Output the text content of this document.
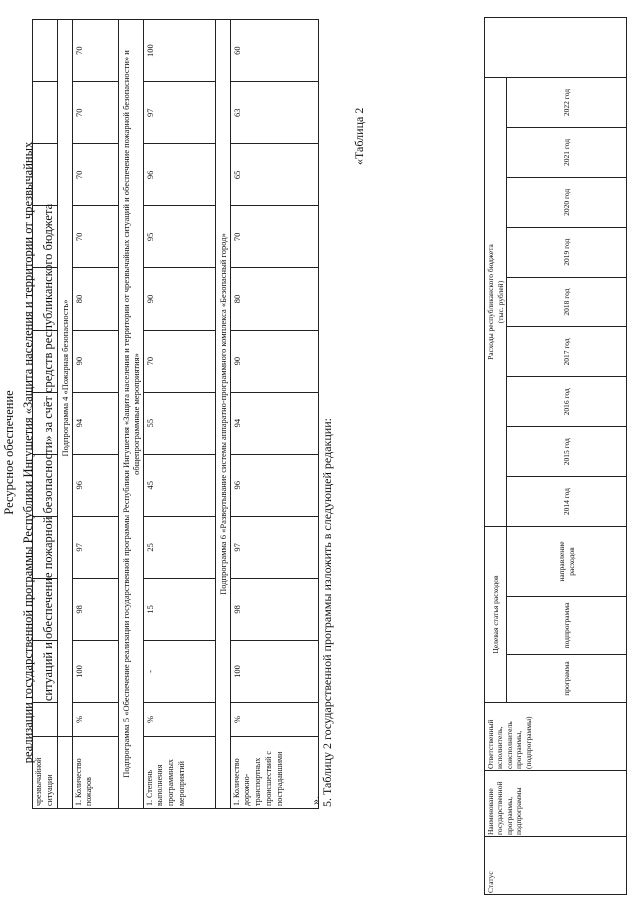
чрезвычайной ситуации												
	Подпрограмма 4 «Пожарная безопасность»											
1. Количество пожаров	%	100	98	97	96	94	90	80	70	70	70	70
Подпрограмма 5 «Обеспечение реализации государственной программы Республики Ингушетия «Защита населения и территории от чрезвычайных ситуаций и обеспечение пожарной безопасности» и общепрограммные мероприятия»												
1. Степень выполнения программных мероприятий	%	-	15	25	45	55	70	90	95	96	97	100
Подпрограмма 6 «Развертывание системы аппаратно-программного комплекса «Безопасный город»												
1. Количество дорожно-транспортных происшествий с пострадавшими	%	100	98	97	96	94	90	80	70	65	63	60
».
5. Таблицу 2 государственной программы изложить в следующей редакции:
«Таблица 2
Ресурсное обеспечение реализации государственной программы Республики Ингушетия «Защита населения и территории от чрезвычайных ситуаций и обеспечение пожарной безопасности» за счёт средств республиканского бюджета
Статус	Наименование государственной программы, подпрограммы	Ответственный исполнитель, соисполнитель программы, (подпрограммы)	Целевая статья расходов			Расходы республиканского бюджета
(тыс. рублей)									
			программа	подпрограмма	направление расходов	2014 год	2015 год	2016 год	2017 год	2018 год	2019 год	2020 год	2021 год	2022 год	
